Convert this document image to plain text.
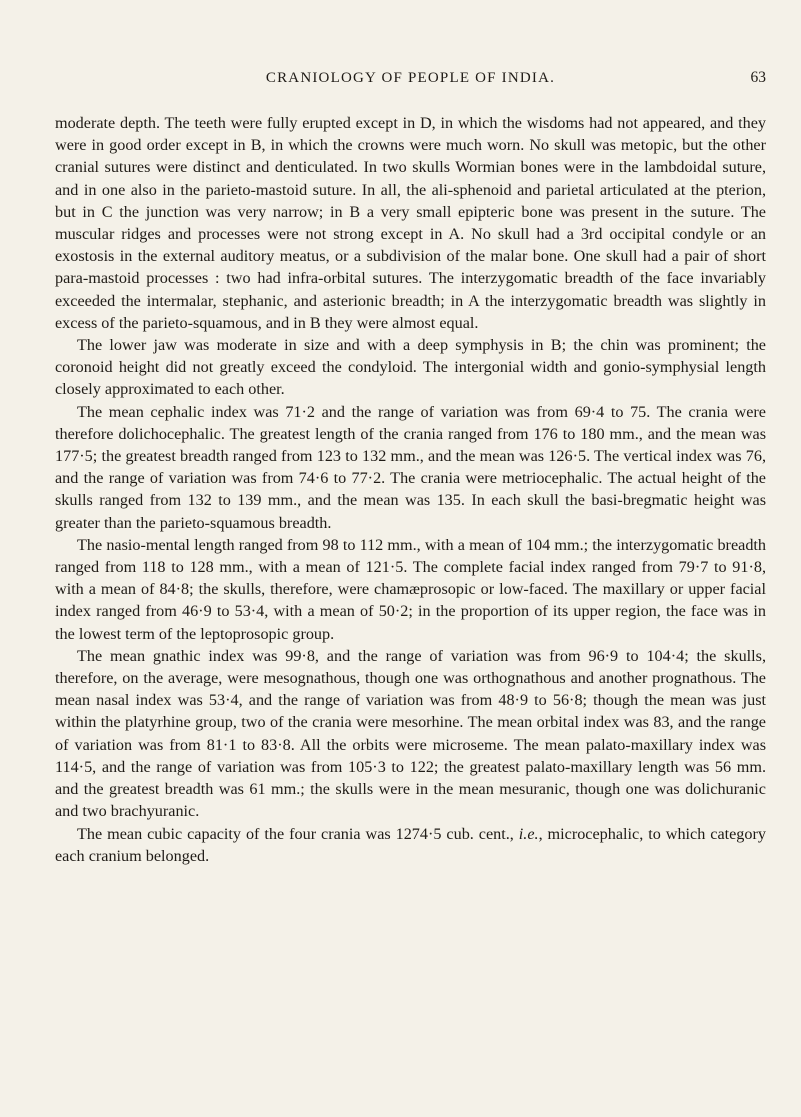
CRANIOLOGY OF PEOPLE OF INDIA.	63

moderate depth. The teeth were fully erupted except in D, in which the wisdoms had not appeared, and they were in good order except in B, in which the crowns were much worn. No skull was metopic, but the other cranial sutures were distinct and denticulated. In two skulls Wormian bones were in the lambdoidal suture, and in one also in the parieto-mastoid suture. In all, the ali-sphenoid and parietal articulated at the pterion, but in C the junction was very narrow; in B a very small epipteric bone was present in the suture. The muscular ridges and processes were not strong except in A. No skull had a 3rd occipital condyle or an exostosis in the external auditory meatus, or a subdivision of the malar bone. One skull had a pair of short para-mastoid processes : two had infra-orbital sutures. The interzygomatic breadth of the face invariably exceeded the intermalar, stephanic, and asterionic breadth; in A the interzygomatic breadth was slightly in excess of the parieto-squamous, and in B they were almost equal.

The lower jaw was moderate in size and with a deep symphysis in B; the chin was prominent; the coronoid height did not greatly exceed the condyloid. The intergonial width and gonio-symphysial length closely approximated to each other.

The mean cephalic index was 71·2 and the range of variation was from 69·4 to 75. The crania were therefore dolichocephalic. The greatest length of the crania ranged from 176 to 180 mm., and the mean was 177·5; the greatest breadth ranged from 123 to 132 mm., and the mean was 126·5. The vertical index was 76, and the range of variation was from 74·6 to 77·2. The crania were metriocephalic. The actual height of the skulls ranged from 132 to 139 mm., and the mean was 135. In each skull the basi-bregmatic height was greater than the parieto-squamous breadth.

The nasio-mental length ranged from 98 to 112 mm., with a mean of 104 mm.; the interzygomatic breadth ranged from 118 to 128 mm., with a mean of 121·5. The complete facial index ranged from 79·7 to 91·8, with a mean of 84·8; the skulls, therefore, were chamæprosopic or low-faced. The maxillary or upper facial index ranged from 46·9 to 53·4, with a mean of 50·2; in the proportion of its upper region, the face was in the lowest term of the leptoprosopic group.

The mean gnathic index was 99·8, and the range of variation was from 96·9 to 104·4; the skulls, therefore, on the average, were mesognathous, though one was orthognathous and another prognathous. The mean nasal index was 53·4, and the range of variation was from 48·9 to 56·8; though the mean was just within the platyrhine group, two of the crania were mesorhine. The mean orbital index was 83, and the range of variation was from 81·1 to 83·8. All the orbits were microseme. The mean palato-maxillary index was 114·5, and the range of variation was from 105·3 to 122; the greatest palato-maxillary length was 56 mm. and the greatest breadth was 61 mm.; the skulls were in the mean mesuranic, though one was dolichuranic and two brachyuranic.

The mean cubic capacity of the four crania was 1274·5 cub. cent., i.e., microcephalic, to which category each cranium belonged.
